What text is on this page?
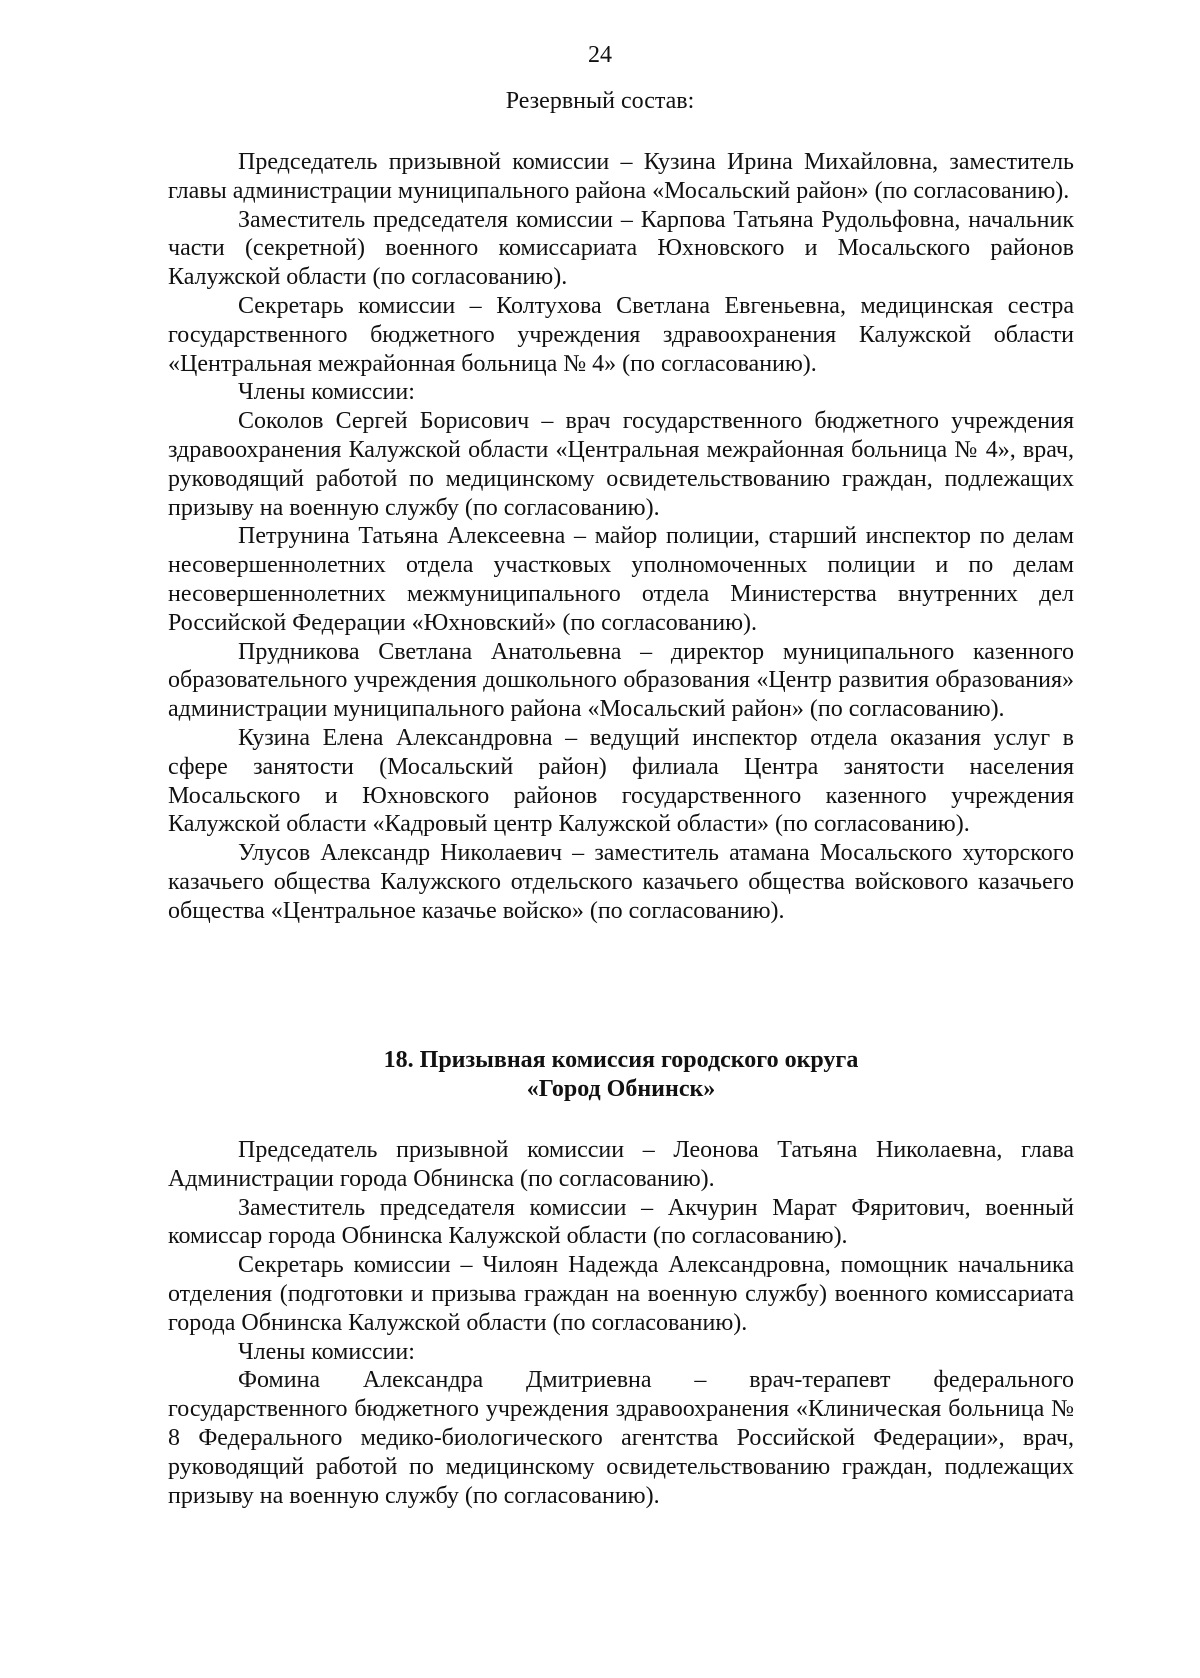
24
Резервный состав:

Председатель призывной комиссии – Кузина Ирина Михайловна, заместитель главы администрации муниципального района «Мосальский район» (по согласованию).

Заместитель председателя комиссии – Карпова Татьяна Рудольфовна, начальник части (секретной) военного комиссариата Юхновского и Мосальского районов Калужской области (по согласованию).

Секретарь комиссии – Колтухова Светлана Евгеньевна, медицинская сестра государственного бюджетного учреждения здравоохранения Калужской области «Центральная межрайонная больница № 4» (по согласованию).

Члены комиссии:

Соколов Сергей Борисович – врач государственного бюджетного учреждения здравоохранения Калужской области «Центральная межрайонная больница № 4», врач, руководящий работой по медицинскому освидетельствованию граждан, подлежащих призыву на военную службу (по согласованию).

Петрунина Татьяна Алексеевна – майор полиции, старший инспектор по делам несовершеннолетних отдела участковых уполномоченных полиции и по делам несовершеннолетних межмуниципального отдела Министерства внутренних дел Российской Федерации «Юхновский» (по согласованию).

Прудникова Светлана Анатольевна – директор муниципального казенного образовательного учреждения дошкольного образования «Центр развития образования» администрации муниципального района «Мосальский район» (по согласованию).

Кузина Елена Александровна – ведущий инспектор отдела оказания услуг в сфере занятости (Мосальский район) филиала Центра занятости населения Мосальского и Юхновского районов государственного казенного учреждения Калужской области «Кадровый центр Калужской области» (по согласованию).

Улусов Александр Николаевич – заместитель атамана Мосальского хуторского казачьего общества Калужского отдельского казачьего общества войскового казачьего общества «Центральное казачье войско» (по согласованию).

18. Призывная комиссия городского округа
«Город Обнинск»

Председатель призывной комиссии – Леонова Татьяна Николаевна, глава Администрации города Обнинска (по согласованию).

Заместитель председателя комиссии – Акчурин Марат Фяритович, военный комиссар города Обнинска Калужской области (по согласованию).

Секретарь комиссии – Чилоян Надежда Александровна, помощник начальника отделения (подготовки и призыва граждан на военную службу) военного комиссариата города Обнинска Калужской области (по согласованию).

Члены комиссии:

Фомина Александра Дмитриевна – врач-терапевт федерального государственного бюджетного учреждения здравоохранения «Клиническая больница № 8 Федерального медико-биологического агентства Российской Федерации», врач, руководящий работой по медицинскому освидетельствованию граждан, подлежащих призыву на военную службу (по согласованию).
